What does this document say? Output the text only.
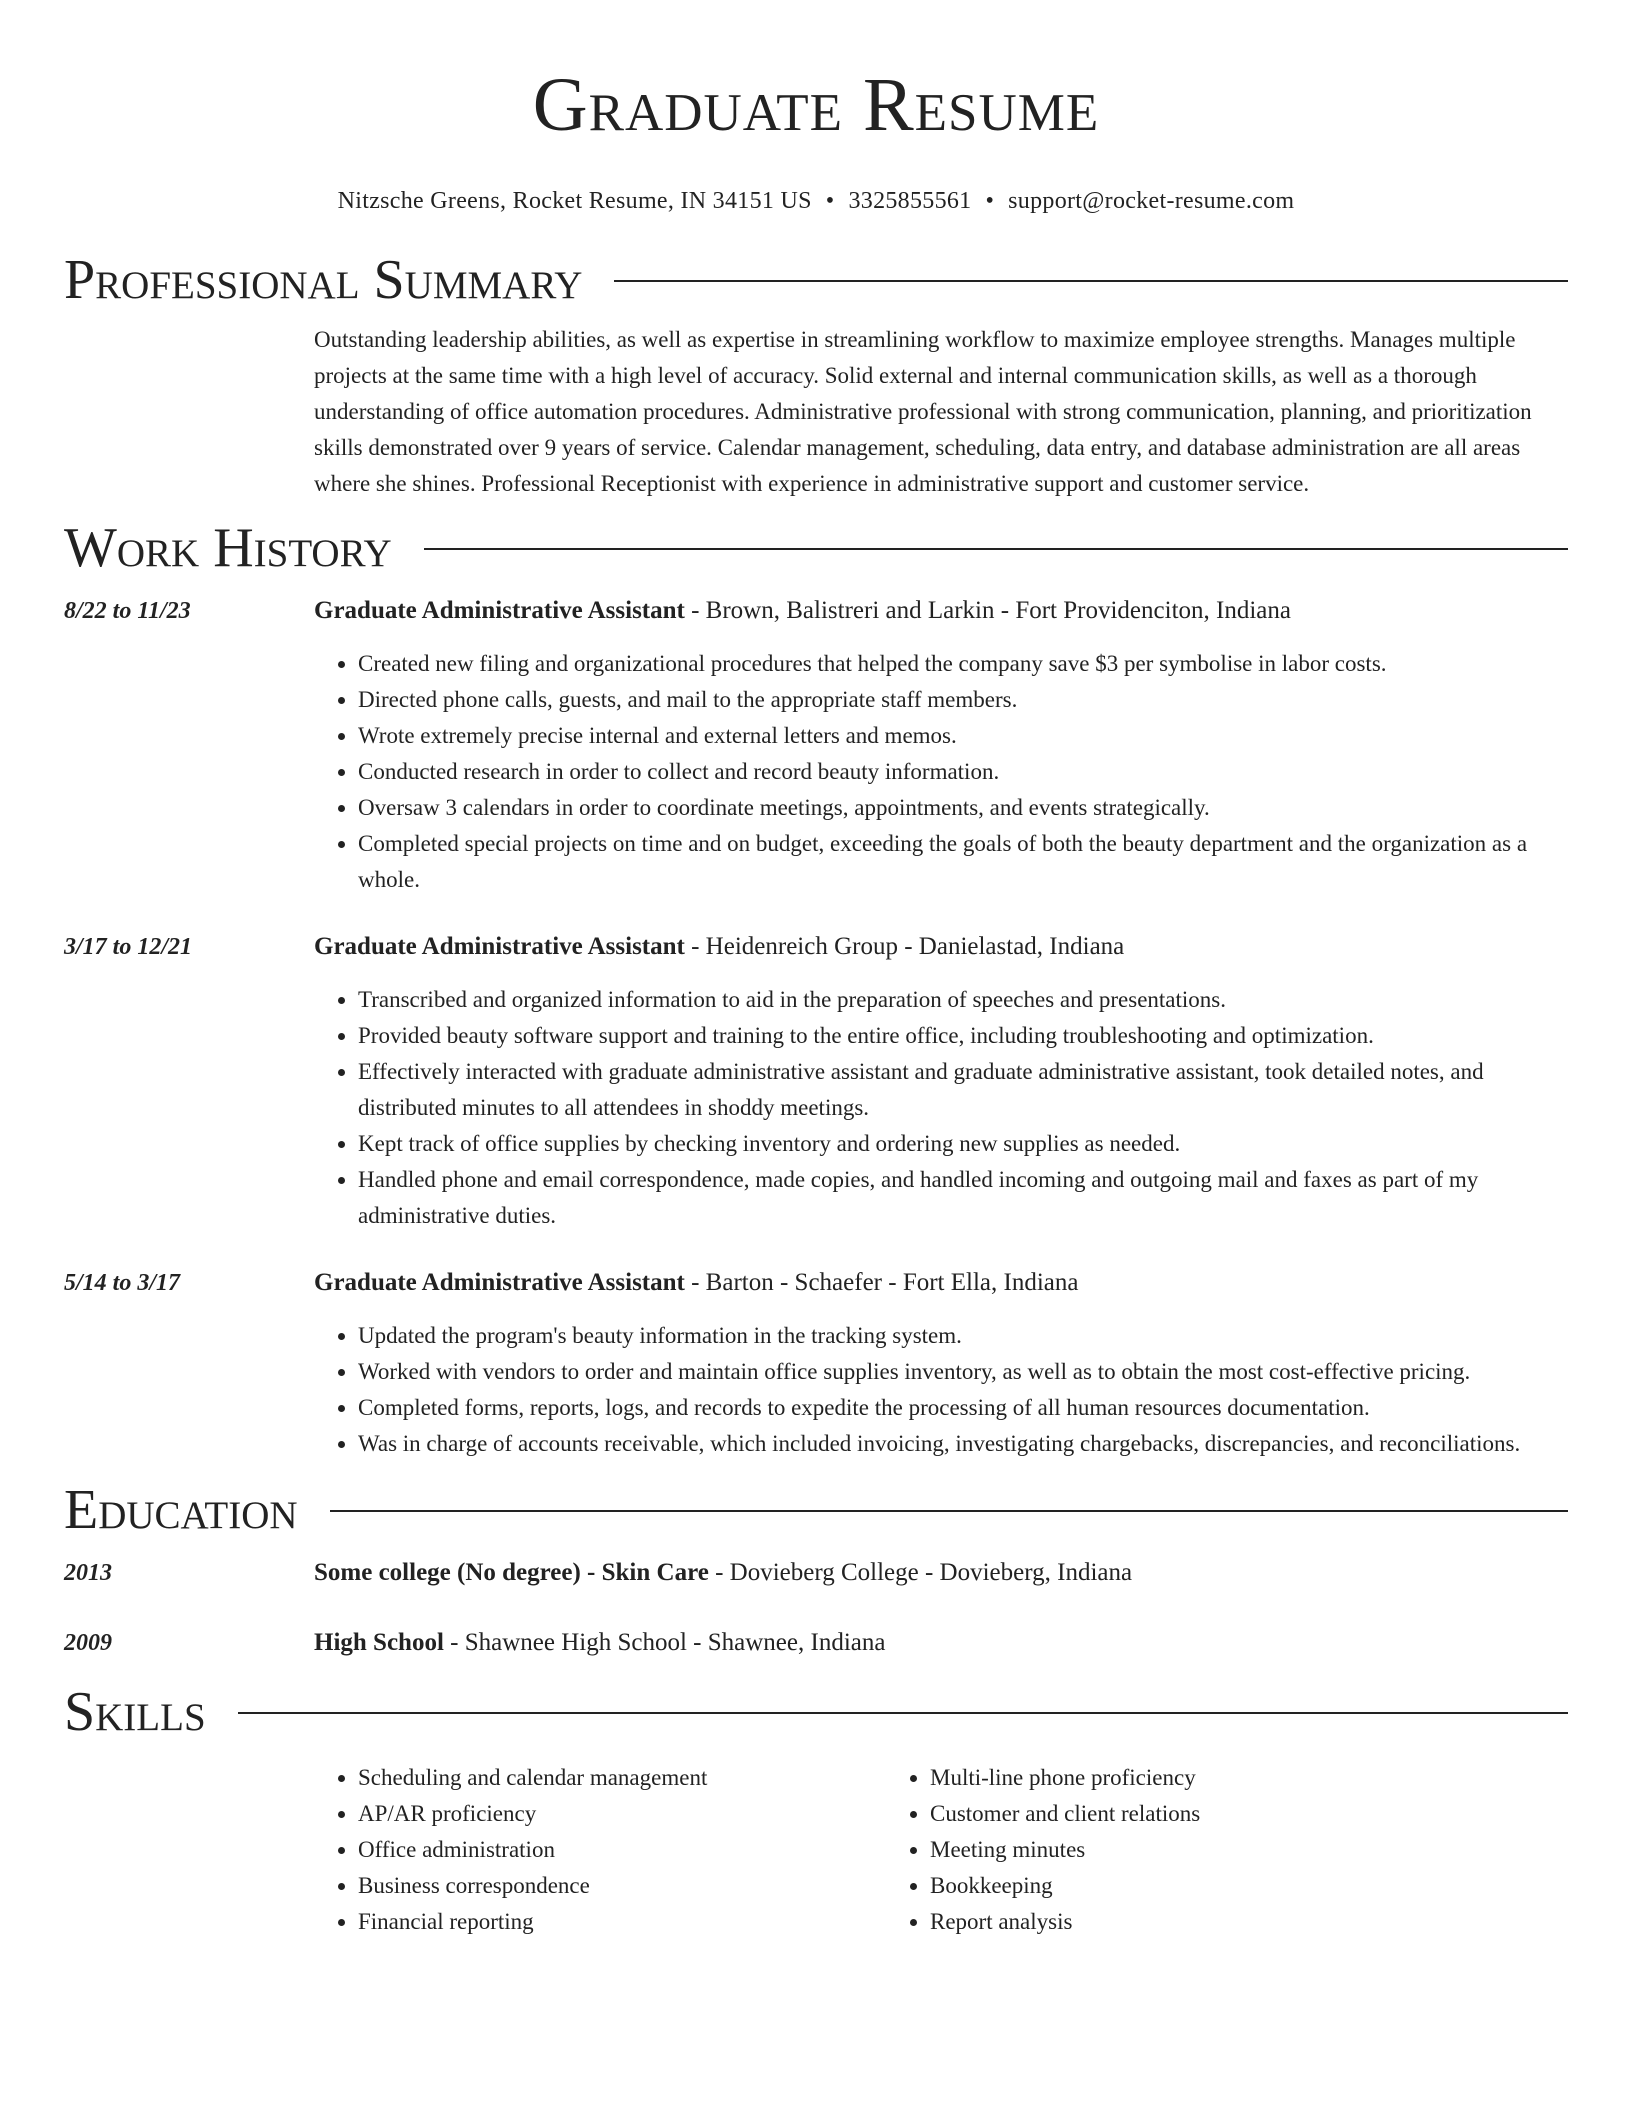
Graduate Resume
Nitzsche Greens, Rocket Resume, IN 34151 US • 3325855561 • support@rocket-resume.com
Professional Summary
Outstanding leadership abilities, as well as expertise in streamlining workflow to maximize employee strengths. Manages multiple projects at the same time with a high level of accuracy. Solid external and internal communication skills, as well as a thorough understanding of office automation procedures. Administrative professional with strong communication, planning, and prioritization skills demonstrated over 9 years of service. Calendar management, scheduling, data entry, and database administration are all areas where she shines. Professional Receptionist with experience in administrative support and customer service.
Work History
8/22 to 11/23	Graduate Administrative Assistant - Brown, Balistreri and Larkin - Fort Providenciton, Indiana
• Created new filing and organizational procedures that helped the company save $3 per symbolise in labor costs.
• Directed phone calls, guests, and mail to the appropriate staff members.
• Wrote extremely precise internal and external letters and memos.
• Conducted research in order to collect and record beauty information.
• Oversaw 3 calendars in order to coordinate meetings, appointments, and events strategically.
• Completed special projects on time and on budget, exceeding the goals of both the beauty department and the organization as a whole.
3/17 to 12/21	Graduate Administrative Assistant - Heidenreich Group - Danielastad, Indiana
• Transcribed and organized information to aid in the preparation of speeches and presentations.
• Provided beauty software support and training to the entire office, including troubleshooting and optimization.
• Effectively interacted with graduate administrative assistant and graduate administrative assistant, took detailed notes, and distributed minutes to all attendees in shoddy meetings.
• Kept track of office supplies by checking inventory and ordering new supplies as needed.
• Handled phone and email correspondence, made copies, and handled incoming and outgoing mail and faxes as part of my administrative duties.
5/14 to 3/17	Graduate Administrative Assistant - Barton - Schaefer - Fort Ella, Indiana
• Updated the program's beauty information in the tracking system.
• Worked with vendors to order and maintain office supplies inventory, as well as to obtain the most cost-effective pricing.
• Completed forms, reports, logs, and records to expedite the processing of all human resources documentation.
• Was in charge of accounts receivable, which included invoicing, investigating chargebacks, discrepancies, and reconciliations.
Education
2013	Some college (No degree) - Skin Care - Dovieberg College - Dovieberg, Indiana
2009	High School - Shawnee High School - Shawnee, Indiana
Skills
• Scheduling and calendar management
• AP/AR proficiency
• Office administration
• Business correspondence
• Financial reporting
• Multi-line phone proficiency
• Customer and client relations
• Meeting minutes
• Bookkeeping
• Report analysis
